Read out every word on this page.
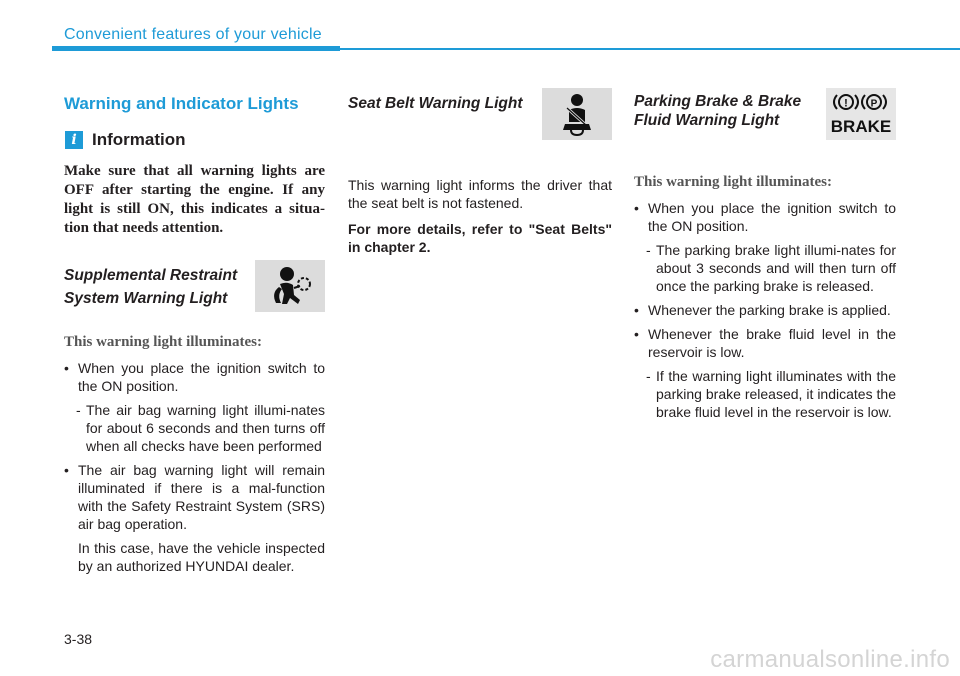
Convenient features of your vehicle
Warning and Indicator Lights
i Information
Make sure that all warning lights are OFF after starting the engine. If any light is still ON, this indicates a situa-tion that needs attention.
Supplemental Restraint System Warning Light
This warning light illuminates:
• When you place the ignition switch to the ON position.
- The air bag warning light illumi-nates for about 6 seconds and then turns off when all checks have been performed
• The air bag warning light will remain illuminated if there is a mal-function with the Safety Restraint System (SRS) air bag operation.
In this case, have the vehicle inspected by an authorized HYUNDAI dealer.
Seat Belt Warning Light

This warning light informs the driver that the seat belt is not fastened.

For more details, refer to "Seat Belts" in chapter 2.

Parking Brake & Brake Fluid Warning Light
! P
BRAKE
This warning light illuminates:
• When you place the ignition switch to the ON position.
- The parking brake light illumi-nates for about 3 seconds and will then turn off once the parking brake is released.
• Whenever the parking brake is applied.
• Whenever the brake fluid level in the reservoir is low.
- If the warning light illuminates with the parking brake released, it indicates the brake fluid level in the reservoir is low.
3-38
carmanualsonline.info
